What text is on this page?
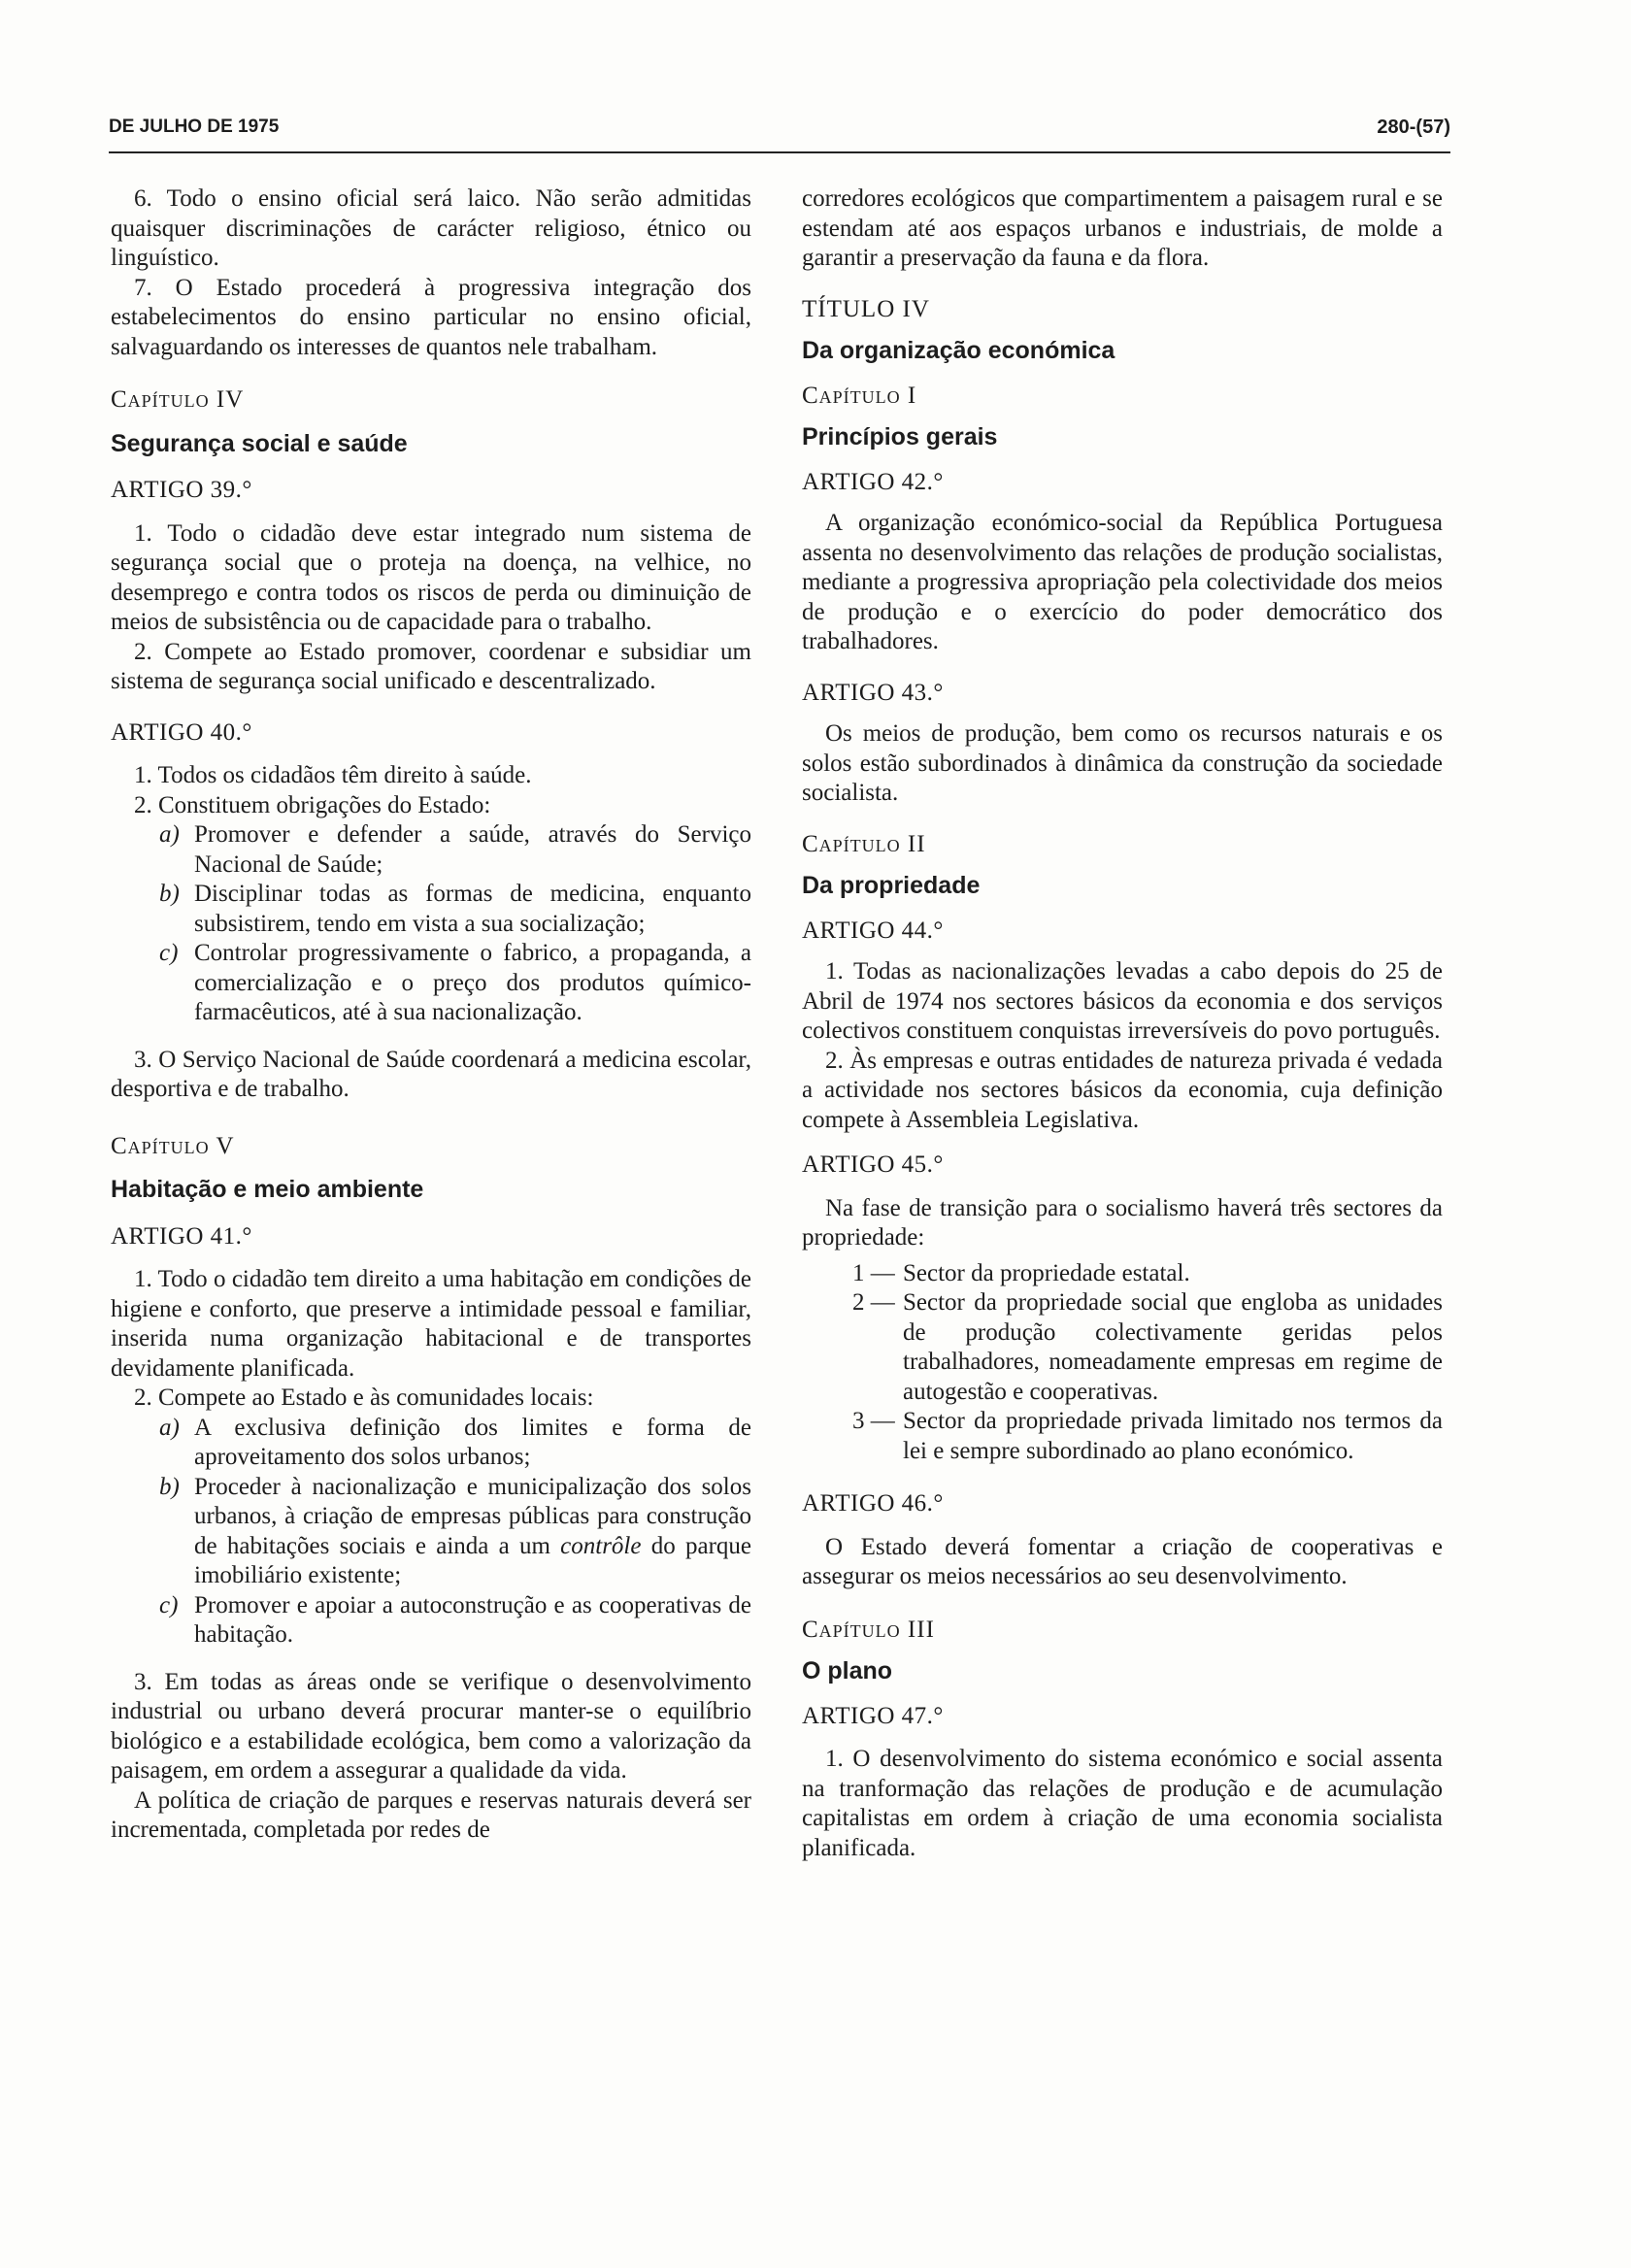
DE JULHO DE 1975	280-(57)

6. Todo o ensino oficial será laico. Não serão admitidas quaisquer discriminações de carácter religioso, étnico ou linguístico.

7. O Estado procederá à progressiva integração dos estabelecimentos do ensino particular no ensino oficial, salvaguardando os interesses de quantos nele trabalham.

Capítulo IV

Segurança social e saúde

ARTIGO 39.°

1. Todo o cidadão deve estar integrado num sistema de segurança social que o proteja na doença, na velhice, no desemprego e contra todos os riscos de perda ou diminuição de meios de subsistência ou de capacidade para o trabalho.

2. Compete ao Estado promover, coordenar e subsidiar um sistema de segurança social unificado e descentralizado.

ARTIGO 40.°

1. Todos os cidadãos têm direito à saúde.

2. Constituem obrigações do Estado:

a) Promover e defender a saúde, através do Serviço Nacional de Saúde;

b) Disciplinar todas as formas de medicina, enquanto subsistirem, tendo em vista a sua socialização;

c) Controlar progressivamente o fabrico, a propaganda, a comercialização e o preço dos produtos químico-farmacêuticos, até à sua nacionalização.

3. O Serviço Nacional de Saúde coordenará a medicina escolar, desportiva e de trabalho.

Capítulo V

Habitação e meio ambiente

ARTIGO 41.°

1. Todo o cidadão tem direito a uma habitação em condições de higiene e conforto, que preserve a intimidade pessoal e familiar, inserida numa organização habitacional e de transportes devidamente planificada.

2. Compete ao Estado e às comunidades locais:

a) A exclusiva definição dos limites e forma de aproveitamento dos solos urbanos;

b) Proceder à nacionalização e municipalização dos solos urbanos, à criação de empresas públicas para construção de habitações sociais e ainda a um contrôle do parque imobiliário existente;

c) Promover e apoiar a autoconstrução e as cooperativas de habitação.

3. Em todas as áreas onde se verifique o desenvolvimento industrial ou urbano deverá procurar manter-se o equilíbrio biológico e a estabilidade ecológica, bem como a valorização da paisagem, em ordem a assegurar a qualidade da vida.

A política de criação de parques e reservas naturais deverá ser incrementada, completada por redes de

corredores ecológicos que compartimentem a paisagem rural e se estendam até aos espaços urbanos e industriais, de molde a garantir a preservação da fauna e da flora.

TÍTULO IV

Da organização económica

Capítulo I

Princípios gerais

ARTIGO 42.°

A organização económico-social da República Portuguesa assenta no desenvolvimento das relações de produção socialistas, mediante a progressiva apropriação pela colectividade dos meios de produção e o exercício do poder democrático dos trabalhadores.

ARTIGO 43.°

Os meios de produção, bem como os recursos naturais e os solos estão subordinados à dinâmica da construção da sociedade socialista.

Capítulo II

Da propriedade

ARTIGO 44.°

1. Todas as nacionalizações levadas a cabo depois do 25 de Abril de 1974 nos sectores básicos da economia e dos serviços colectivos constituem conquistas irreversíveis do povo português.

2. Às empresas e outras entidades de natureza privada é vedada a actividade nos sectores básicos da economia, cuja definição compete à Assembleia Legislativa.

ARTIGO 45.°

Na fase de transição para o socialismo haverá três sectores da propriedade:

1 — Sector da propriedade estatal.

2 — Sector da propriedade social que engloba as unidades de produção colectivamente geridas pelos trabalhadores, nomeadamente empresas em regime de autogestão e cooperativas.

3 — Sector da propriedade privada limitado nos termos da lei e sempre subordinado ao plano económico.

ARTIGO 46.°

O Estado deverá fomentar a criação de cooperativas e assegurar os meios necessários ao seu desenvolvimento.

Capítulo III

O plano

ARTIGO 47.°

1. O desenvolvimento do sistema económico e social assenta na tranformação das relações de produção e de acumulação capitalistas em ordem à criação de uma economia socialista planificada.
